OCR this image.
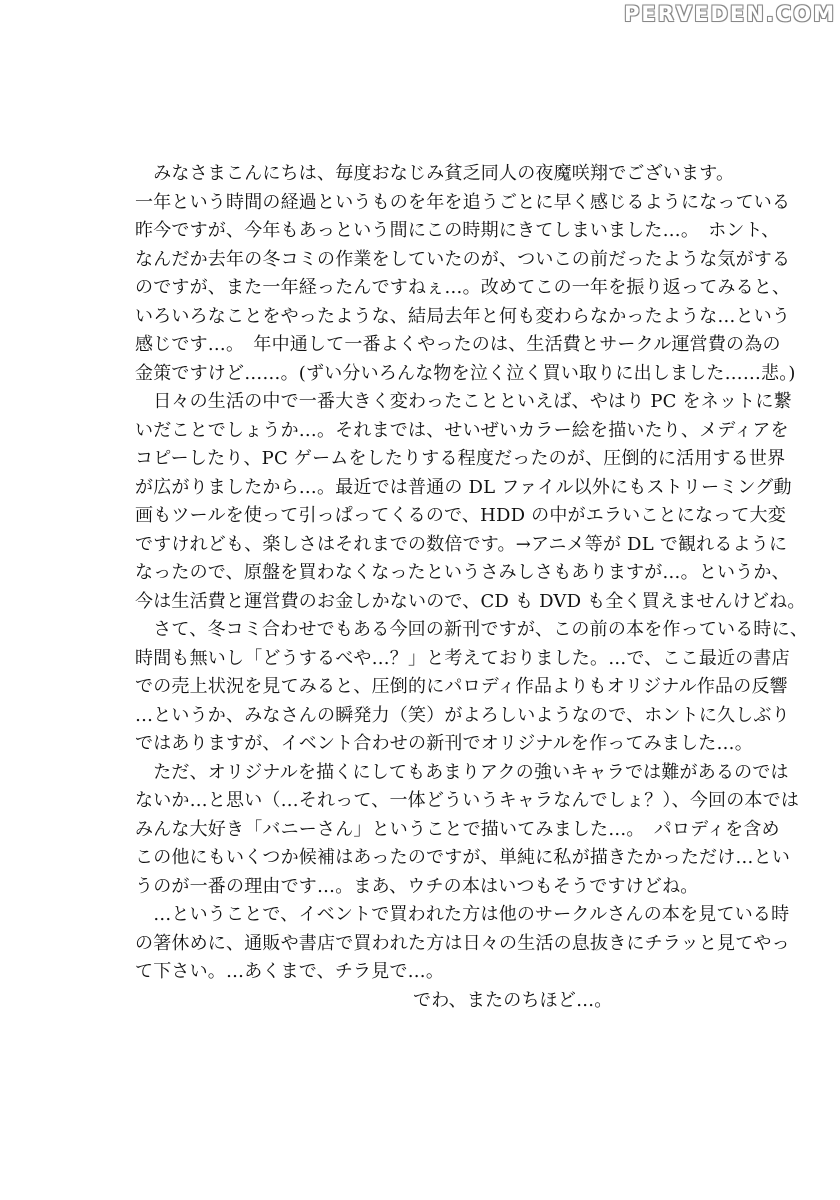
PERVEDEN.COM
　みなさまこんにちは、毎度おなじみ貧乏同人の夜魔咲翔でございます。
一年という時間の経過というものを年を追うごとに早く感じるようになっている
昨今ですが、今年もあっという間にこの時期にきてしまいました…。　ホント、
なんだか去年の冬コミの作業をしていたのが、ついこの前だったような気がする
のですが、また一年経ったんですねぇ…。改めてこの一年を振り返ってみると、
いろいろなことをやったような、結局去年と何も変わらなかったような…という
感じです…。　年中通して一番よくやったのは、生活費とサークル運営費の為の
金策ですけど……。(ずい分いろんな物を泣く泣く買い取りに出しました……悲。)
　日々の生活の中で一番大きく変わったことといえば、やはり PC をネットに繋
いだことでしょうか…。それまでは、せいぜいカラー絵を描いたり、メディアを
コピーしたり、PC ゲームをしたりする程度だったのが、圧倒的に活用する世界
が広がりましたから…。最近では普通の DL ファイル以外にもストリーミング動
画もツールを使って引っぱってくるので、HDD の中がエラいことになって大変
ですけれども、楽しさはそれまでの数倍です。→アニメ等が DL で観れるように
なったので、原盤を買わなくなったというさみしさもありますが…。というか、
今は生活費と運営費のお金しかないので、CD も DVD も全く買えませんけどね。
　さて、冬コミ合わせでもある今回の新刊ですが、この前の本を作っている時に、
時間も無いし「どうするべや…？」と考えておりました。…で、ここ最近の書店
での売上状況を見てみると、圧倒的にパロディ作品よりもオリジナル作品の反響
…というか、みなさんの瞬発力（笑）がよろしいようなので、ホントに久しぶり
ではありますが、イベント合わせの新刊でオリジナルを作ってみました…。
　ただ、オリジナルを描くにしてもあまりアクの強いキャラでは難があるのでは
ないか…と思い（…それって、一体どういうキャラなんでしょ？）、今回の本では
みんな大好き「バニーさん」ということで描いてみました…。　パロディを含め
この他にもいくつか候補はあったのですが、単純に私が描きたかっただけ…とい
うのが一番の理由です…。まあ、ウチの本はいつもそうですけどね。
　…ということで、イベントで買われた方は他のサークルさんの本を見ている時
の箸休めに、通販や書店で買われた方は日々の生活の息抜きにチラッと見てやっ
て下さい。…あくまで、チラ見で…。
でわ、またのちほど…。
